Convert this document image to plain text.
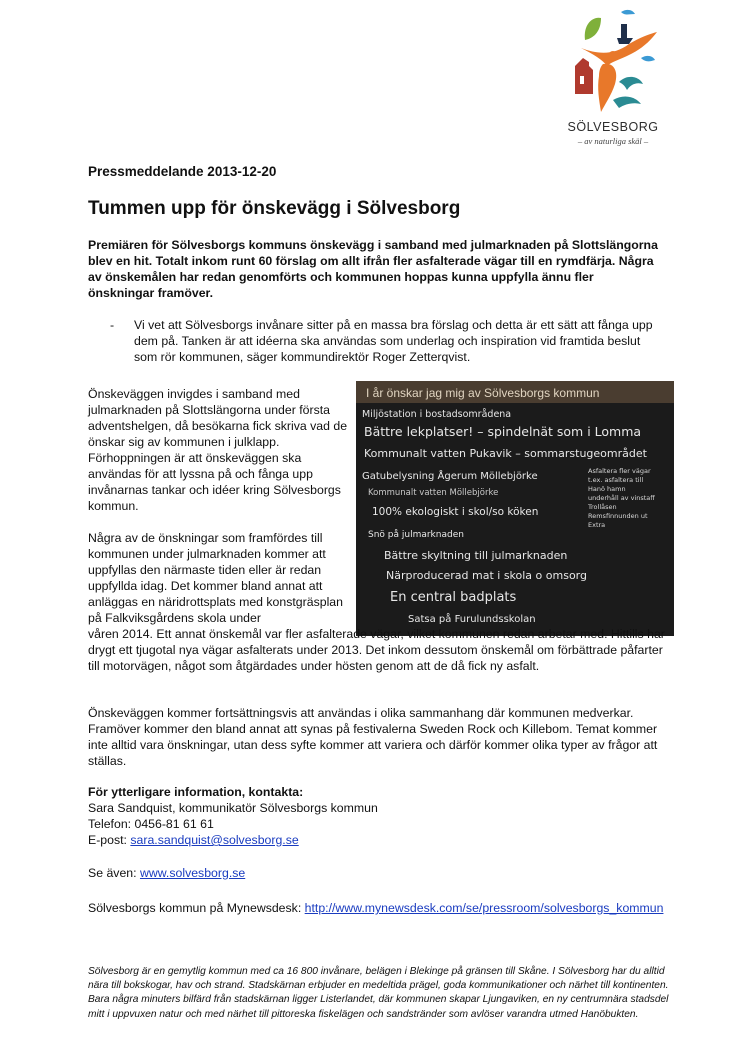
SÖLVESBORG
– av naturliga skäl –
Pressmeddelande 2013-12-20
Tummen upp för önskevägg i Sölvesborg
Premiären för Sölvesborgs kommuns önskevägg i samband med julmarknaden på Slottslängorna blev en hit. Totalt inkom runt 60 förslag om allt ifrån fler asfalterade vägar till en rymdfärja. Några av önskemålen har redan genomförts och kommunen hoppas kunna uppfylla ännu fler önskningar framöver.
- Vi vet att Sölvesborgs invånare sitter på en massa bra förslag och detta är ett sätt att fånga upp dem på. Tanken är att idéerna ska användas som underlag och inspiration vid framtida beslut som rör kommunen, säger kommundirektör Roger Zetterqvist.

Önskeväggen invigdes i samband med julmarknaden på Slottslängorna under första adventshelgen, då besökarna fick skriva vad de önskar sig av kommunen i julklapp. Förhoppningen är att önskeväggen ska användas för att lyssna på och fånga upp invånarnas tankar och idéer kring Sölvesborgs kommun.

Några av de önskningar som framfördes till kommunen under julmarknaden kommer att uppfyllas den närmaste tiden eller är redan uppfyllda idag. Det kommer bland annat att anläggas en näridrottsplats med konstgräsplan på Falkviksgårdens skola under

I år önskar jag mig av Sölvesborgs kommun
Miljöstation i bostadsområdena
Bättre lekplatser! – spindelnät som i Lomma
Kommunalt vatten Pukavik – sommarstugeområdet
Gatubelysning Ågerum Möllebjörke
Kommunalt vatten Möllebjörke
100% ekologiskt i skol/so köken
Snö på julmarknaden
Bättre skyltning till julmarknaden
Närproducerad mat i skola o omsorg
En central badplats
Satsa på Furulundsskolan
Asfaltera fler vägar
t.ex. asfaltera till
Hanö hamn
underhåll av vinstaff
Trollåsen
Remsfinnunden ut
Extra
våren 2014. Ett annat önskemål var fler asfalterade vägar, vilket kommunen redan arbetar med. Hittills har drygt ett tjugotal nya vägar asfalterats under 2013. Det inkom dessutom önskemål om förbättrade påfarter till motorvägen, något som åtgärdades under hösten genom att de då fick ny asfalt.
Önskeväggen kommer fortsättningsvis att användas i olika sammanhang där kommunen medverkar. Framöver kommer den bland annat att synas på festivalerna Sweden Rock och Killebom. Temat kommer inte alltid vara önskningar, utan dess syfte kommer att variera och därför kommer olika typer av frågor att ställas.
För ytterligare information, kontakta:
Sara Sandquist, kommunikatör Sölvesborgs kommun
Telefon: 0456-81 61 61
E-post: sara.sandquist@solvesborg.se
Se även: www.solvesborg.se
Sölvesborgs kommun på Mynewsdesk: http://www.mynewsdesk.com/se/pressroom/solvesborgs_kommun
Sölvesborg är en gemytlig kommun med ca 16 800 invånare, belägen i Blekinge på gränsen till Skåne. I Sölvesborg har du alltid nära till bokskogar, hav och strand. Stadskärnan erbjuder en medeltida prägel, goda kommunikationer och närhet till kontinenten. Bara några minuters bilfärd från stadskärnan ligger Listerlandet, där kommunen skapar Ljungaviken, en ny centrumnära stadsdel mitt i uppvuxen natur och med närhet till pittoreska fiskelägen och sandstränder som avlöser varandra utmed Hanöbukten.
